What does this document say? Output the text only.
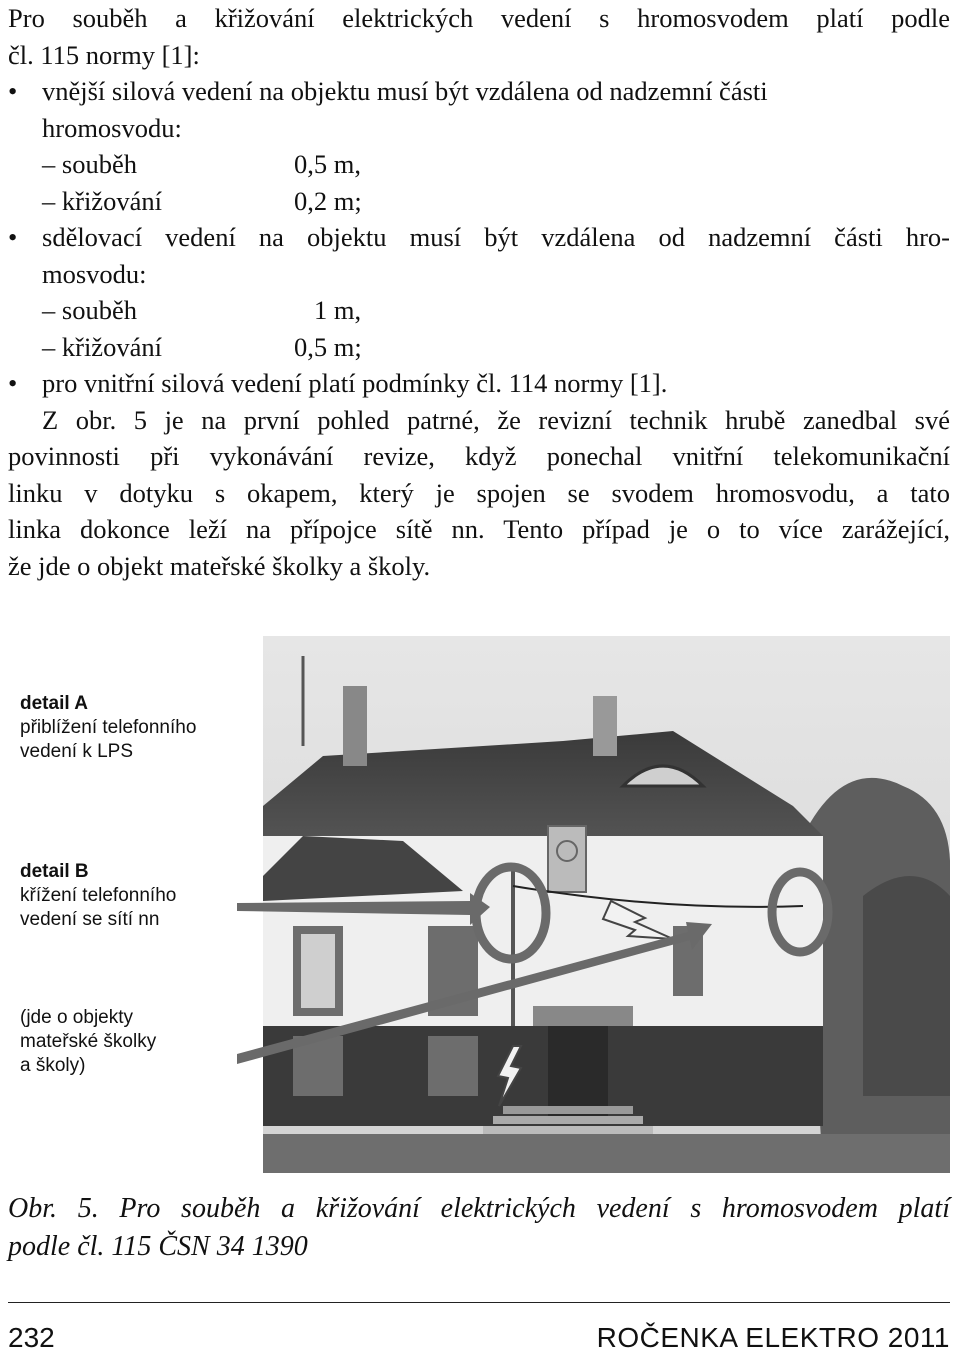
Pro souběh a křižování elektrických vedení s hromosvodem platí podle
čl. 115 normy [1]:
• vnější silová vedení na objektu musí být vzdálena od nadzemní části
hromosvodu:
– souběh	0,5 m,
– křižování	0,2 m;
• sdělovací vedení na objektu musí být vzdálena od nadzemní části hro-
mosvodu:
– souběh	1 m,
– křižování	0,5 m;
• pro vnitřní silová vedení platí podmínky čl. 114 normy [1].
Z obr. 5 je na první pohled patrné, že revizní technik hrubě zanedbal své
povinnosti při vykonávání revize, když ponechal vnitřní telekomunikační
linku v dotyku s okapem, který je spojen se svodem hromosvodu, a tato
linka dokonce leží na přípojce sítě nn. Tento případ je o to více zarážející,
že jde o objekt mateřské školky a školy.
detail A
přiblížení telefonního
vedení k LPS
detail B
křížení telefonního
vedení se sítí nn
(jde o objekty
mateřské školky
a školy)
Obr. 5. Pro souběh a křižování elektrických vedení s hromosvodem platí
podle čl. 115 ČSN 34 1390
232	ROČENKA ELEKTRO 2011
